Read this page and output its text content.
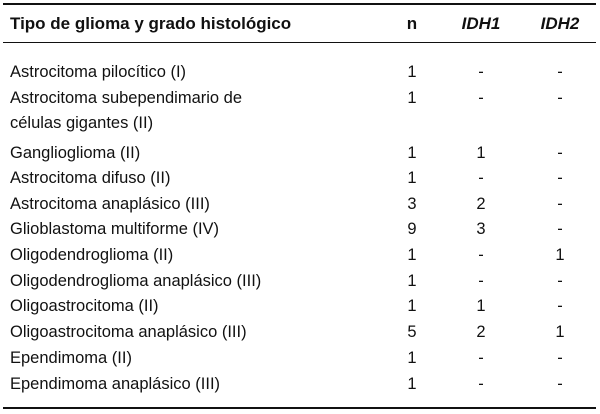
Tipo de glioma y grado histológico	n	IDH1	IDH2
Astrocitoma pilocítico (I)	1	-	-
Astrocitoma subependimario de
células gigantes (II)
1	-	-
Ganglioglioma (II)	1	1	-
Astrocitoma difuso (II)	1	-	-
Astrocitoma anaplásico (III)	3	2	-
Glioblastoma multiforme (IV)	9	3	-
Oligodendroglioma (II)	1	-	1
Oligodendroglioma anaplásico (III)	1	-	-
Oligoastrocitoma (II)	1	1	-
Oligoastrocitoma anaplásico (III)	5	2	1
Ependimoma (II)	1	-	-
Ependimoma anaplásico (III)	1	-	-
